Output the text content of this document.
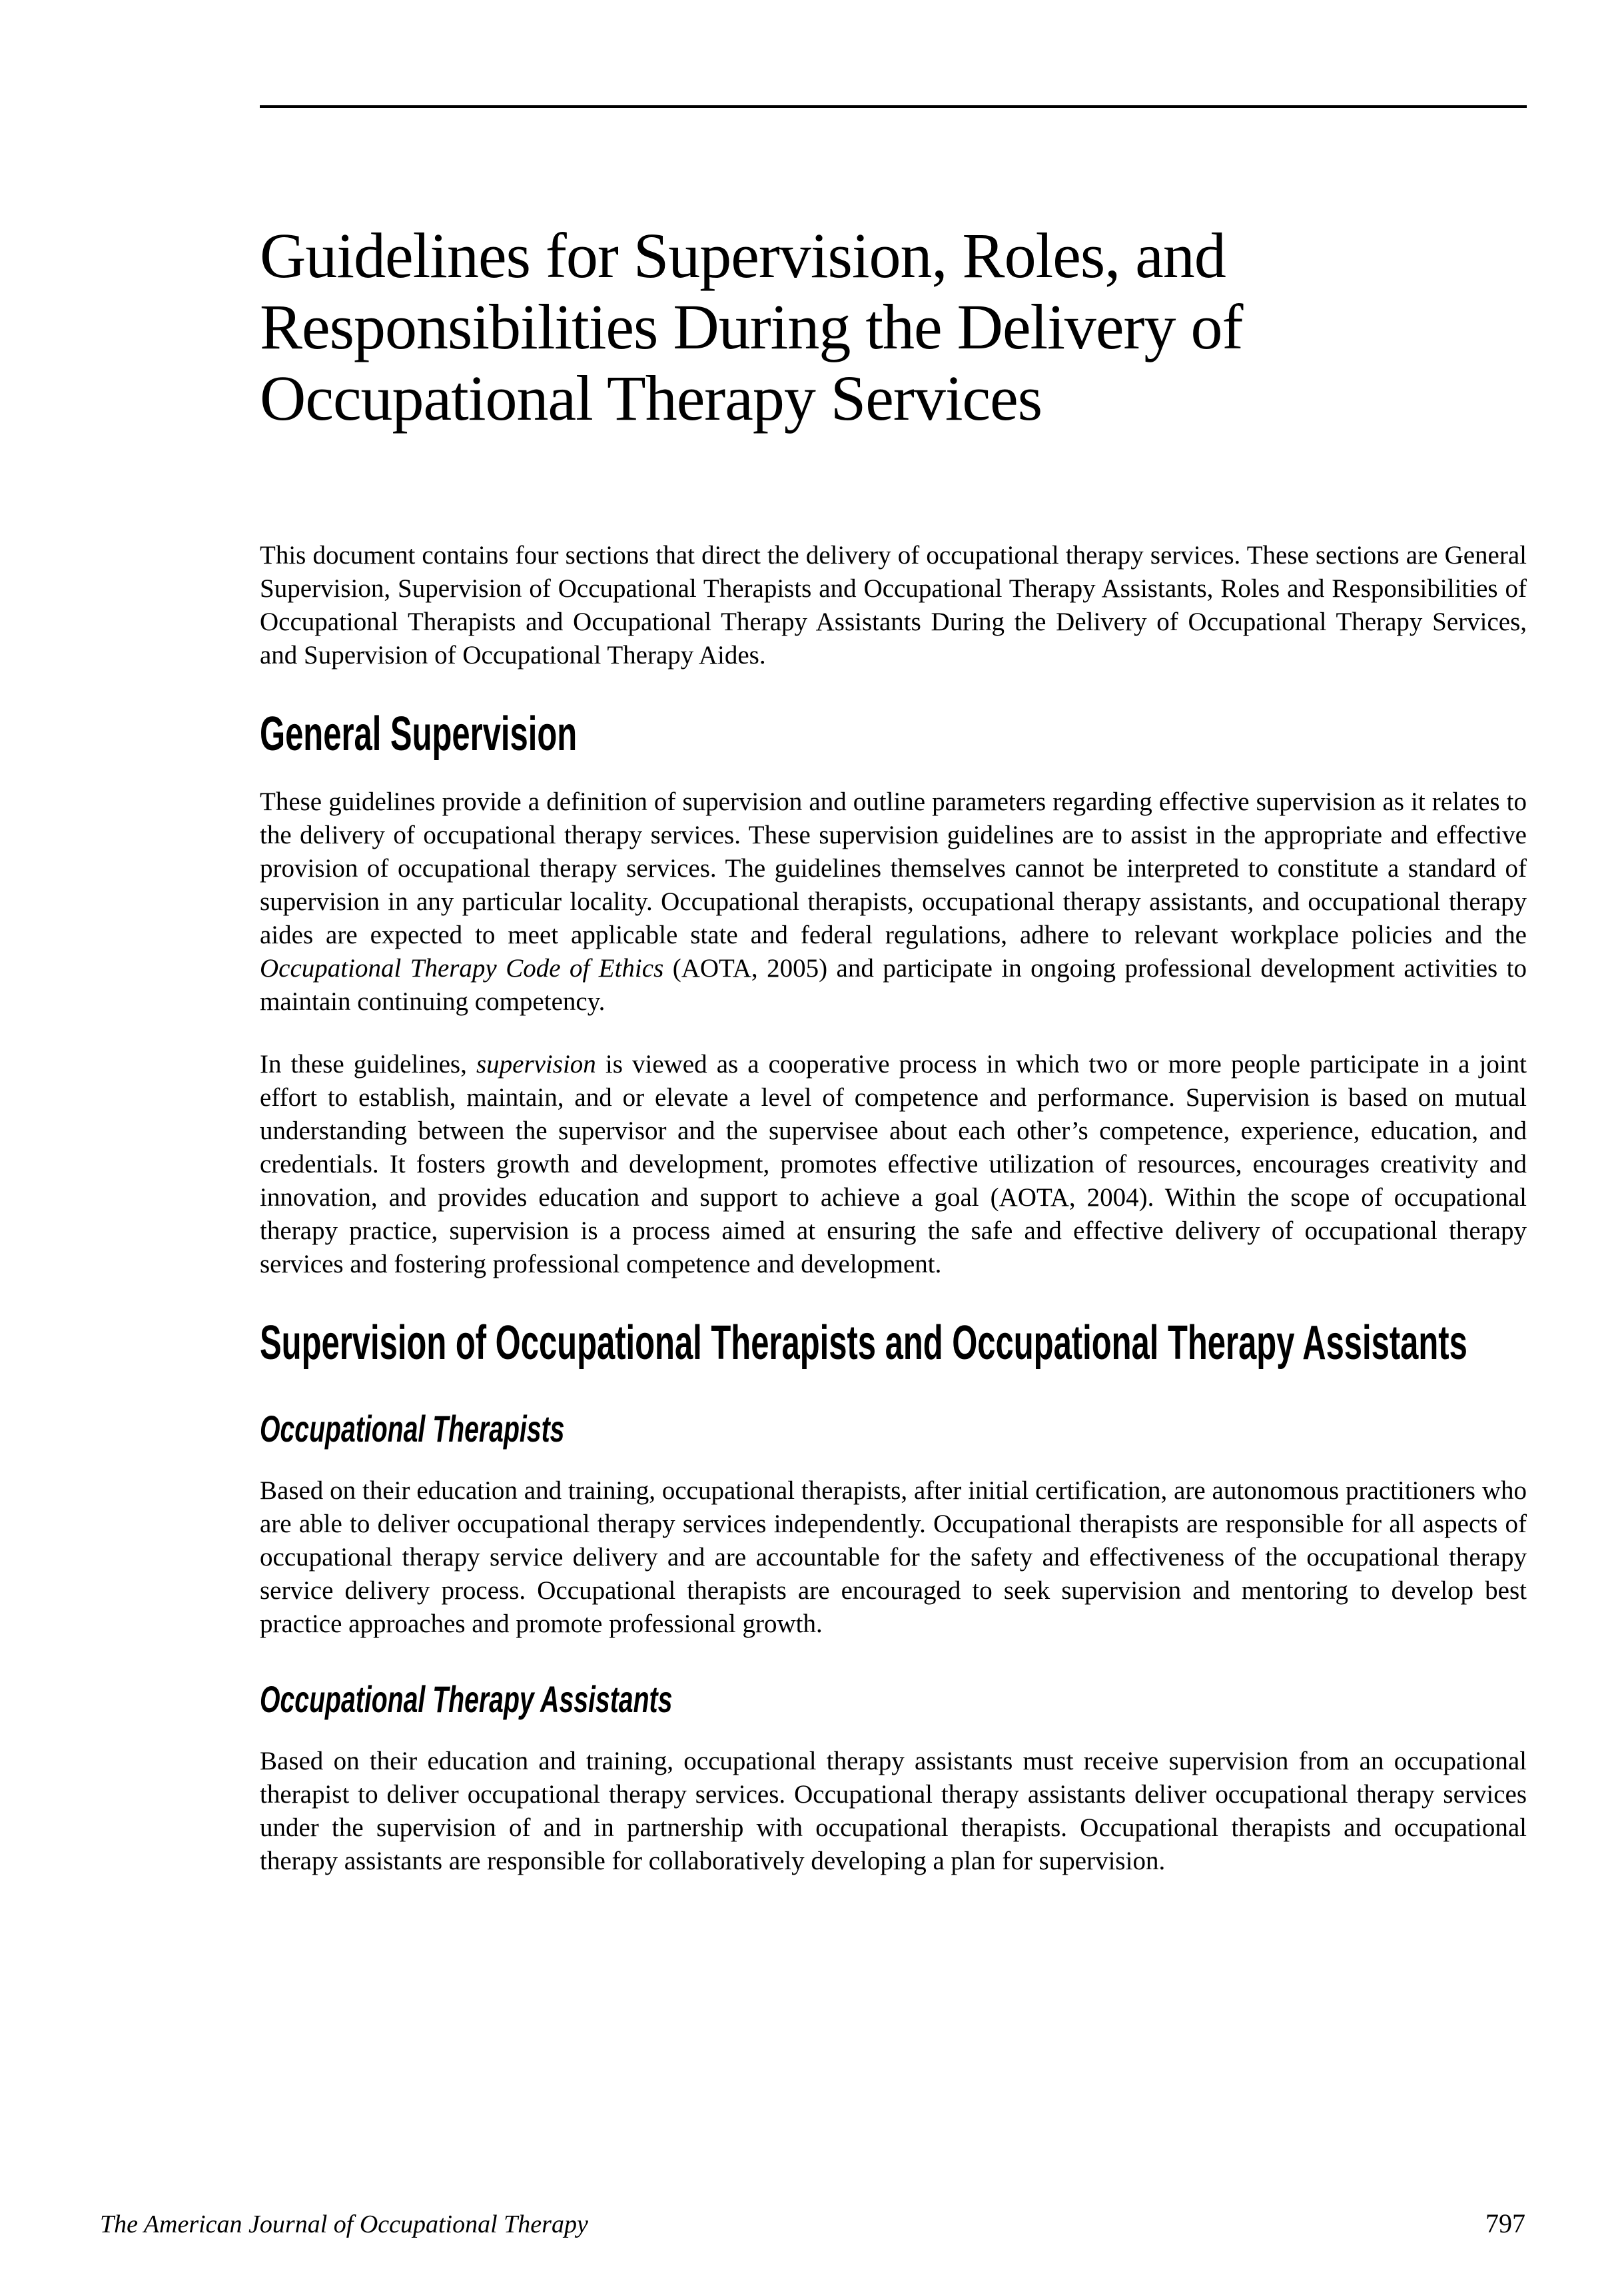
Guidelines for Supervision, Roles, and
Responsibilities During the Delivery of
Occupational Therapy Services

This document contains four sections that direct the delivery of occupational therapy services. These sections are General Supervision, Supervision of Occupational Therapists and Occupational Therapy Assistants, Roles and Responsibilities of Occupational Therapists and Occupational Therapy Assistants During the Delivery of Occupational Therapy Services, and Supervision of Occupational Therapy Aides.

General Supervision

These guidelines provide a definition of supervision and outline parameters regarding effective supervision as it relates to the delivery of occupational therapy services. These supervision guidelines are to assist in the appropriate and effective provision of occupational therapy services. The guidelines themselves cannot be interpreted to constitute a standard of supervision in any particular locality. Occupational therapists, occupational therapy assistants, and occupational therapy aides are expected to meet applicable state and federal regulations, adhere to relevant workplace policies and the Occupational Therapy Code of Ethics (AOTA, 2005) and participate in ongoing professional development activities to maintain continuing competency.

In these guidelines, supervision is viewed as a cooperative process in which two or more people participate in a joint effort to establish, maintain, and or elevate a level of competence and performance. Supervision is based on mutual understanding between the supervisor and the supervisee about each other’s competence, experience, education, and credentials. It fosters growth and development, promotes effective utilization of resources, encourages creativity and innovation, and provides education and support to achieve a goal (AOTA, 2004). Within the scope of occupational therapy practice, supervision is a process aimed at ensuring the safe and effective delivery of occupational therapy services and fostering professional competence and development.

Supervision of Occupational Therapists and Occupational Therapy Assistants
Occupational Therapists

Based on their education and training, occupational therapists, after initial certification, are autonomous practitioners who are able to deliver occupational therapy services independently. Occupational therapists are responsible for all aspects of occupational therapy service delivery and are accountable for the safety and effectiveness of the occupational therapy service delivery process. Occupational therapists are encouraged to seek supervision and mentoring to develop best practice approaches and promote professional growth.

Occupational Therapy Assistants

Based on their education and training, occupational therapy assistants must receive supervision from an occupational therapist to deliver occupational therapy services. Occupational therapy assistants deliver occupational therapy services under the supervision of and in partnership with occupational therapists. Occupational therapists and occupational therapy assistants are responsible for collaboratively developing a plan for supervision.

The American Journal of Occupational Therapy	797
